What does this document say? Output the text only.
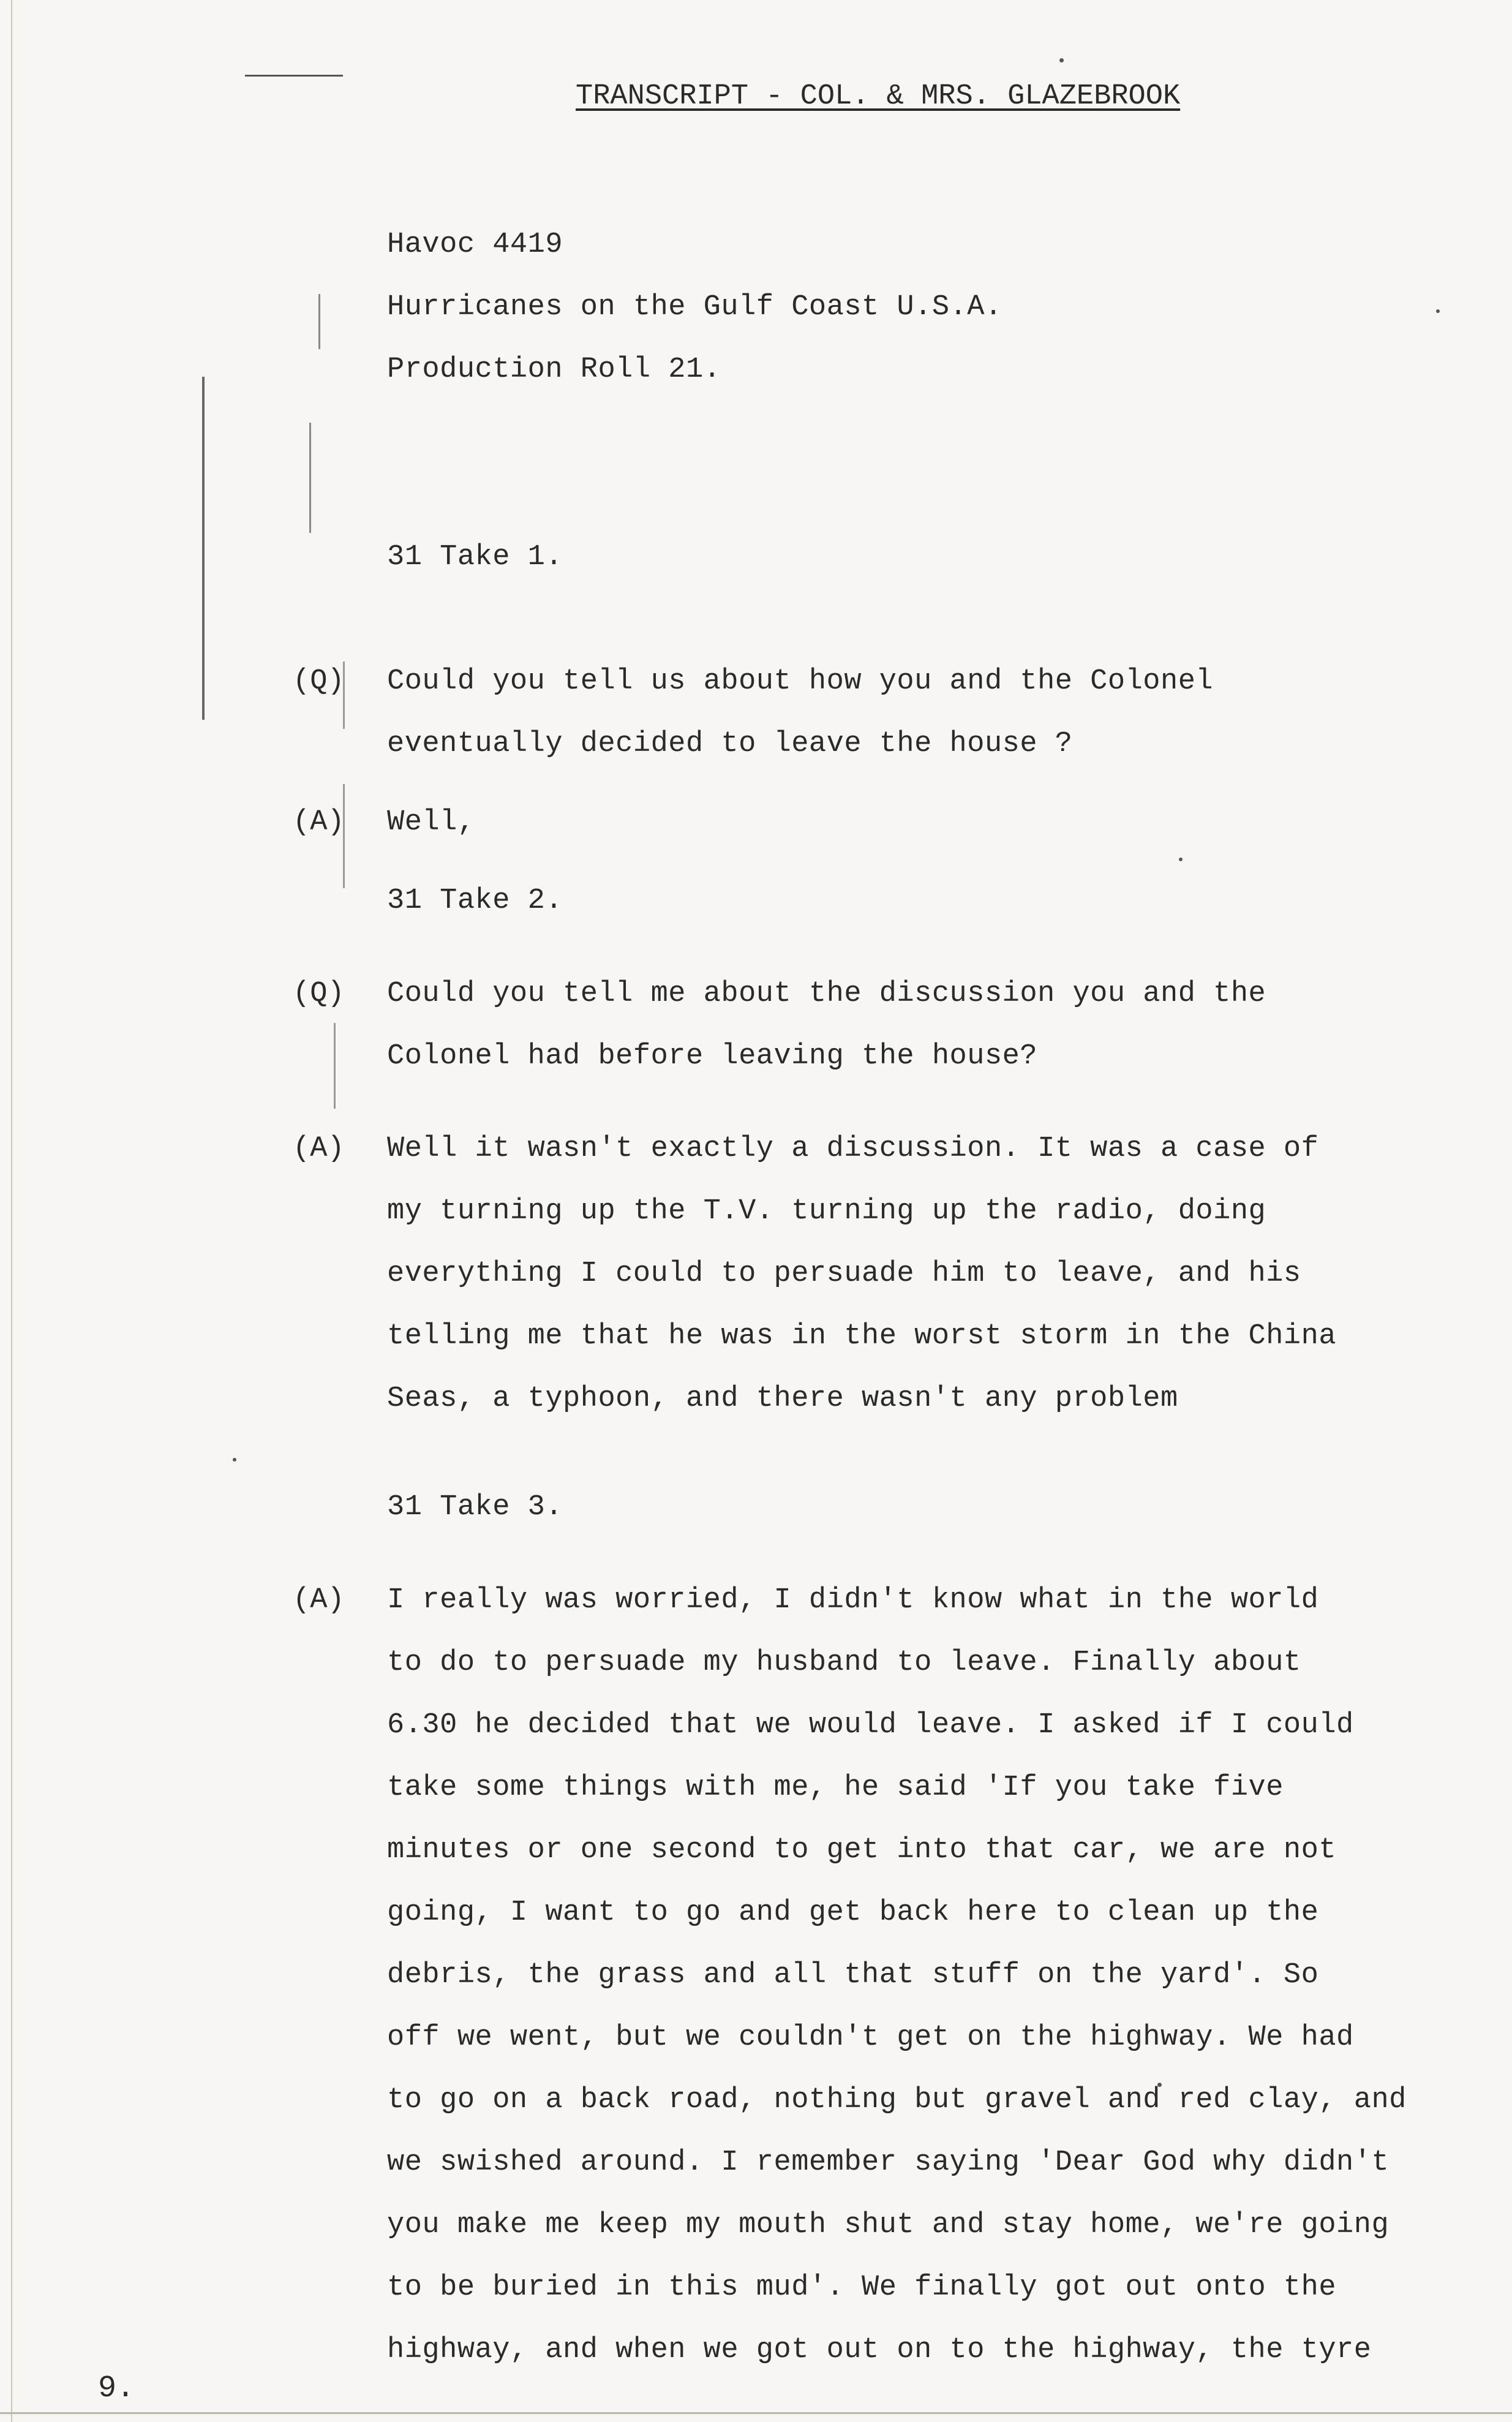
TRANSCRIPT - COL. & MRS. GLAZEBROOK
Havoc 4419
Hurricanes on the Gulf Coast U.S.A.
Production Roll 21.
31 Take 1.
(Q) Could you tell us about how you and the Colonel
eventually decided to leave the house ?
(A) Well,
31 Take 2.
(Q) Could you tell me about the discussion you and the
Colonel had before leaving the house?
(A) Well it wasn't exactly a discussion. It was a case of
my turning up the T.V. turning up the radio, doing
everything I could to persuade him to leave, and his
telling me that he was in the worst storm in the China
Seas, a typhoon, and there wasn't any problem
31 Take 3.
(A) I really was worried, I didn't know what in the world
to do to persuade my husband to leave. Finally about
6.30 he decided that we would leave. I asked if I could
take some things with me, he said 'If you take five
minutes or one second to get into that car, we are not
going, I want to go and get back here to clean up the
debris, the grass and all that stuff on the yard'. So
off we went, but we couldn't get on the highway. We had
to go on a back road, nothing but gravel and red clay, and
we swished around. I remember saying 'Dear God why didn't
you make me keep my mouth shut and stay home, we're going
to be buried in this mud'. We finally got out onto the
highway, and when we got out on to the highway, the tyre
9.
